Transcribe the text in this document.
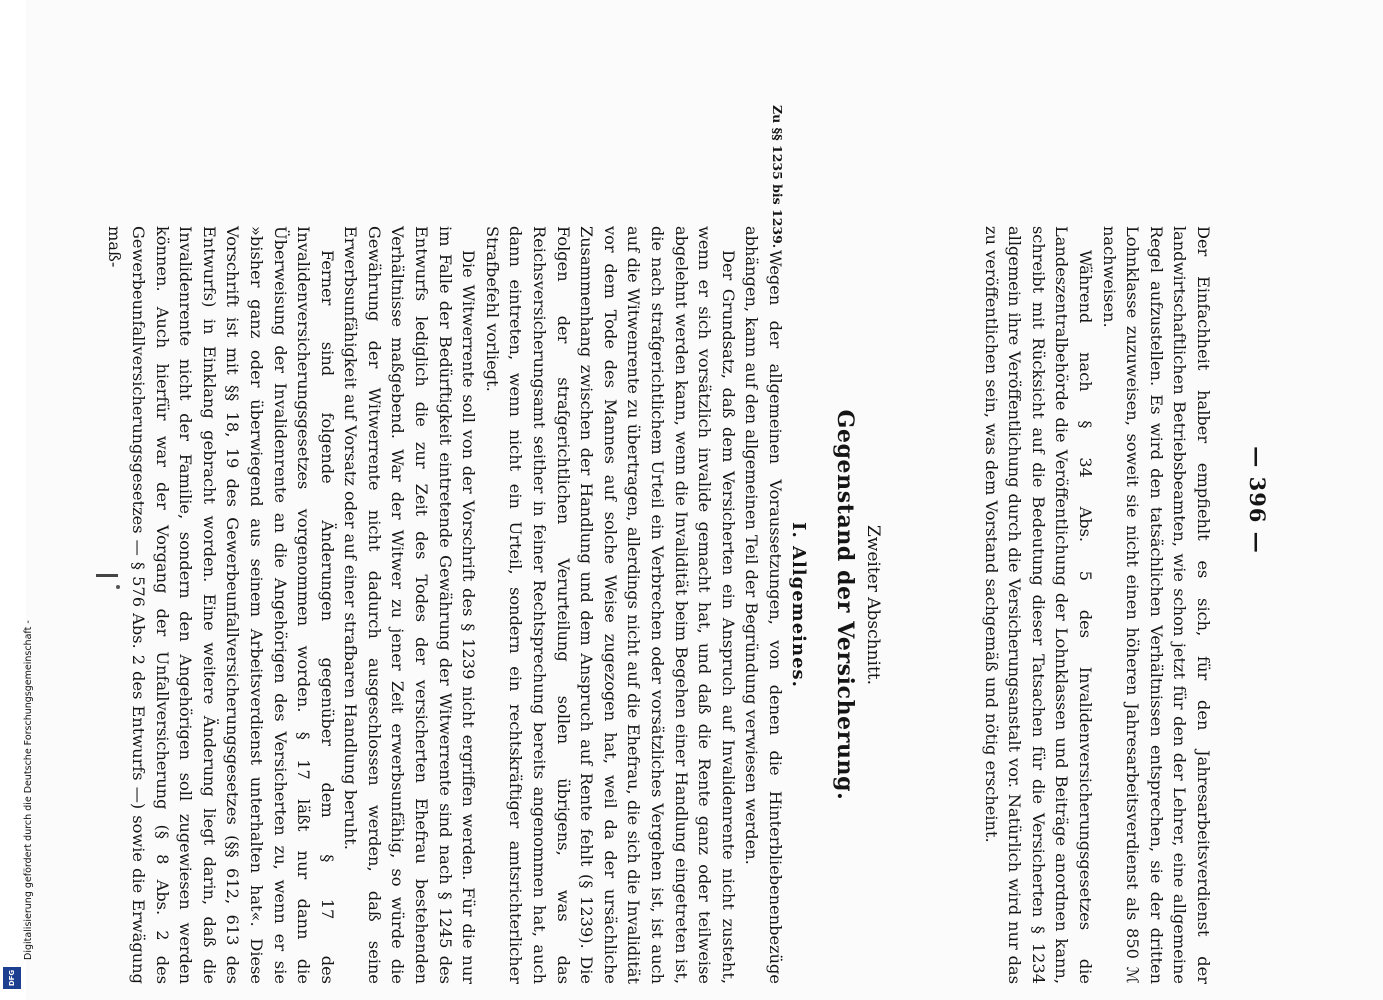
— 396 —

Der Einfachheit halber empfiehlt es sich, für den Jahresarbeitsverdienst der landwirtschaftlichen Betriebsbeamten, wie schon jetzt für den der Lehrer, eine allgemeine Regel aufzustellen. Es wird den tatsächlichen Verhältnissen entsprechen, sie der dritten Lohnklasse zuzuweisen, soweit sie nicht einen höheren Jahresarbeitsverdienst als 850 ℳ nachweisen.

Während nach § 34 Abs. 5 des Invalidenversicherungsgesetzes die Landeszentralbehörde die Veröffentlichung der Lohnklassen und Beiträge anordnen kann, schreibt mit Rücksicht auf die Bedeutung dieser Tatsachen für die Versicherten § 1234 allgemein ihre Veröffentlichung durch die Versicherungsanstalt vor. Natürlich wird nur das zu veröffentlichen sein, was dem Vorstand sachgemäß und nötig erscheint.

Zweiter Abschnitt.
Gegenstand der Versicherung.
I. Allgemeines.
Zu §§ 1235 bis 1239.

Wegen der allgemeinen Voraussetzungen, von denen die Hinterbliebenenbezüge abhängen, kann auf den allgemeinen Teil der Begründung verwiesen werden.

Der Grundsatz, daß dem Versicherten ein Anspruch auf Invalidenrente nicht zusteht, wenn er sich vorsätzlich invalide gemacht hat, und daß die Rente ganz oder teilweise abgelehnt werden kann, wenn die Invalidität beim Begehen einer Handlung eingetreten ist, die nach strafgerichtlichem Urteil ein Verbrechen oder vorsätzliches Vergehen ist, ist auch auf die Witwenrente zu übertragen, allerdings nicht auf die Ehefrau, die sich die Invalidität vor dem Tode des Mannes auf solche Weise zugezogen hat, weil da der ursächliche Zusammenhang zwischen der Handlung und dem Anspruch auf Rente fehlt (§ 1239). Die Folgen der strafgerichtlichen Verurteilung sollen übrigens, was das Reichsversicherungsamt seither in feiner Rechtsprechung bereits angenommen hat, auch dann eintreten, wenn nicht ein Urteil, sondern ein rechtskräftiger amtsrichterlicher Strafbefehl vorliegt.

Die Witwerrente soll von der Vorschrift des § 1239 nicht ergriffen werden. Für die nur im Falle der Bedürftigkeit eintretende Gewährung der Witwerrente sind nach § 1245 des Entwurfs lediglich die zur Zeit des Todes der versicherten Ehefrau bestehenden Verhältnisse maßgebend. War der Witwer zu jener Zeit erwerbsunfähig, so würde die Gewährung der Witwerrente nicht dadurch ausgeschlossen werden, daß seine Erwerbsunfähigkeit auf Vorsatz oder auf einer strafbaren Handlung beruht.

Ferner sind folgende Änderungen gegenüber dem § 17 des Invalidenversicherungsgesetzes vorgenommen worden. § 17 läßt nur dann die Überweisung der Invalidenrente an die Angehörigen des Versicherten zu, wenn er sie »bisher ganz oder überwiegend aus seinem Arbeitsverdienst unterhalten hat«. Diese Vorschrift ist mit §§ 18, 19 des Gewerbeunfallversicherungsgesetzes (§§ 612, 613 des Entwurfs) in Einklang gebracht worden. Eine weitere Änderung liegt darin, daß die Invalidenrente nicht der Familie, sondern den Angehörigen soll zugewiesen werden können. Auch hierfür war der Vorgang der Unfallversicherung (§ 8 Abs. 2 des Gewerbeunfallversicherungsgesetzes — § 576 Abs. 2 des Entwurfs —) sowie die Erwägung maß-

Digitalisierung gefördert durch die Deutsche Forschungsgemeinschaft -
DFG
